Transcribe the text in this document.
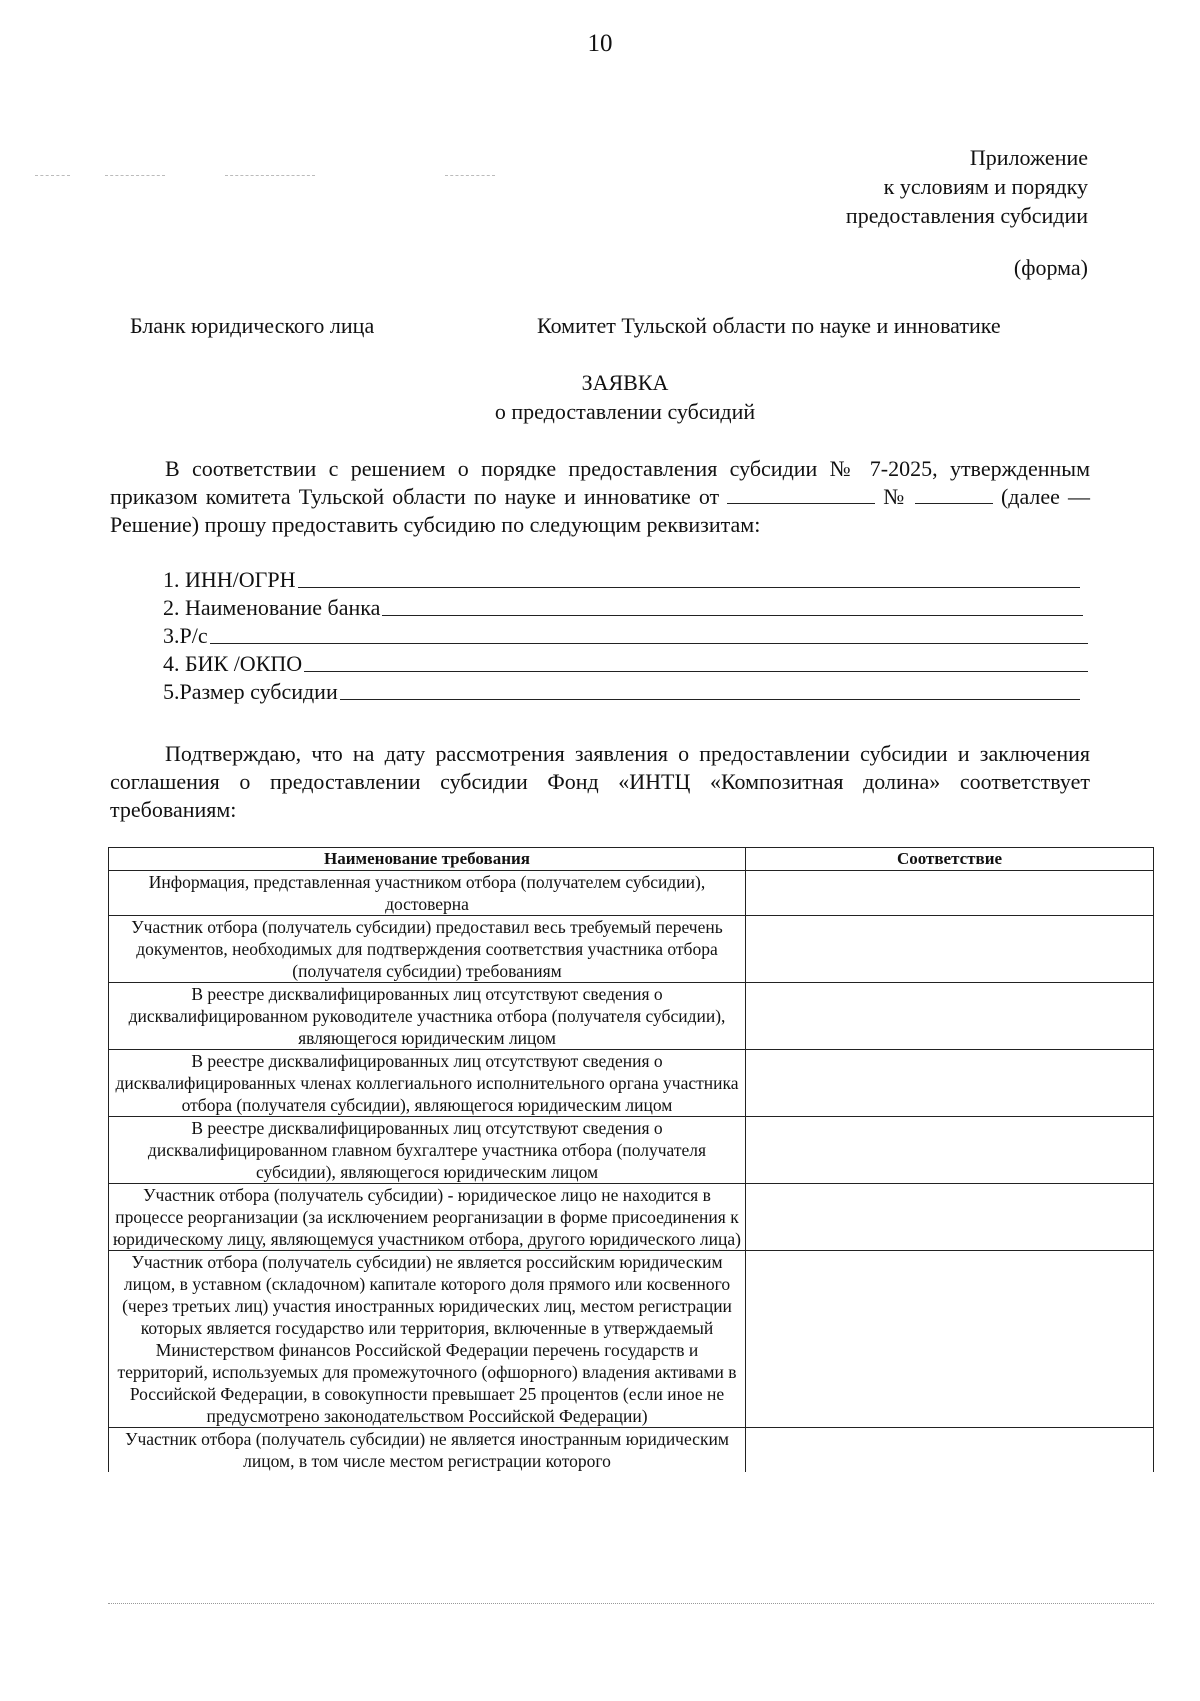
10
Приложение
к условиям и порядку
предоставления субсидии
(форма)
Бланк юридического лица	Комитет Тульской области по науке и инноватике
ЗАЯВКА
о предоставлении субсидий

В соответствии с решением о порядке предоставления субсидии № 7-2025, утвержденным приказом комитета Тульской области по науке и инноватике от	№	(далее — Решение) прошу предоставить субсидию по следующим реквизитам:

1. ИНН/ОГРН
2. Наименование банка
3.Р/с
4. БИК /ОКПО
5.Размер субсидии

Подтверждаю, что на дату рассмотрения заявления о предоставлении субсидии и заключения соглашения о предоставлении субсидии Фонд «ИНТЦ «Композитная долина» соответствует требованиям:

Наименование требования	Соответствие
Информация, представленная участником отбора (получателем субсидии), достоверна	
Участник отбора (получатель субсидии) предоставил весь требуемый перечень документов, необходимых для подтверждения соответствия участника отбора (получателя субсидии) требованиям	
В реестре дисквалифицированных лиц отсутствуют сведения о дисквалифицированном руководителе участника отбора (получателя субсидии), являющегося юридическим лицом	
В реестре дисквалифицированных лиц отсутствуют сведения о дисквалифицированных членах коллегиального исполнительного органа участника отбора (получателя субсидии), являющегося юридическим лицом	
В реестре дисквалифицированных лиц отсутствуют сведения о дисквалифицированном главном бухгалтере участника отбора (получателя субсидии), являющегося юридическим лицом	
Участник отбора (получатель субсидии) - юридическое лицо не находится в процессе реорганизации (за исключением реорганизации в форме присоединения к юридическому лицу, являющемуся участником отбора, другого юридического лица)	
Участник отбора (получатель субсидии) не является российским юридическим лицом, в уставном (складочном) капитале которого доля прямого или косвенного (через третьих лиц) участия иностранных юридических лиц, местом регистрации которых является государство или территория, включенные в утверждаемый Министерством финансов Российской Федерации перечень государств и территорий, используемых для промежуточного (офшорного) владения активами в Российской Федерации, в совокупности превышает 25 процентов (если иное не предусмотрено законодательством Российской Федерации)	
Участник отбора (получатель субсидии) не является иностранным юридическим лицом, в том числе местом регистрации которого	
